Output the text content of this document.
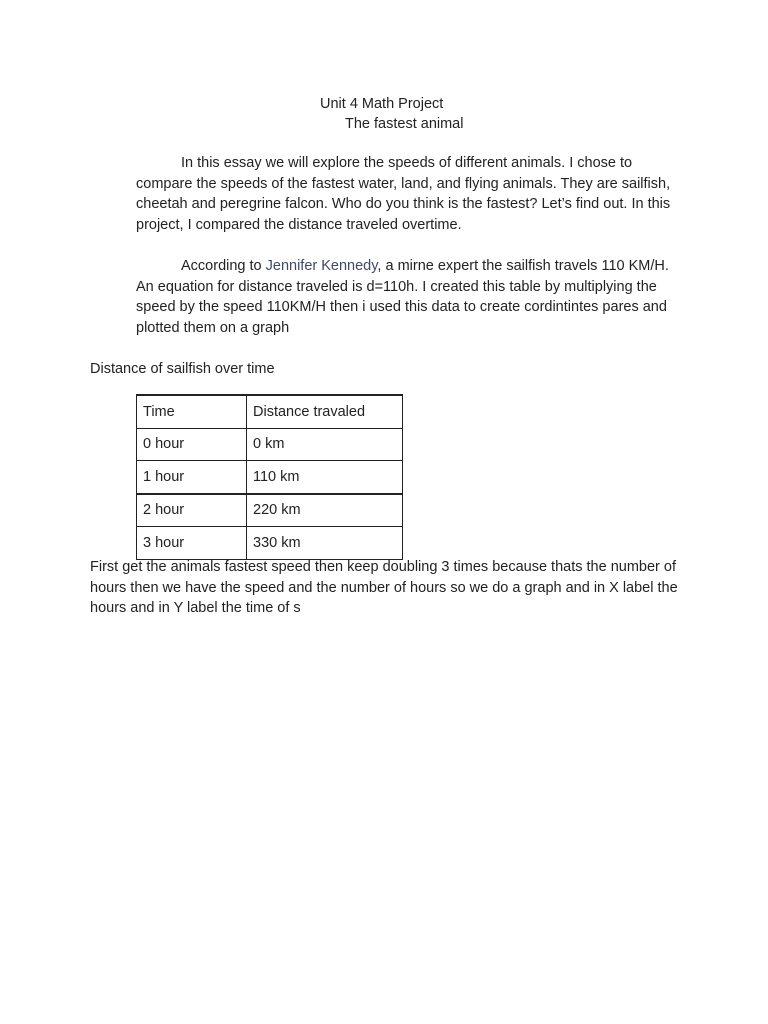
Unit 4 Math Project
The fastest animal

In this essay we will explore the speeds of different animals. I chose to compare the speeds of the fastest water, land, and flying animals. They are sailfish, cheetah and peregrine falcon. Who do you think is the fastest? Let’s find out. In this project, I compared the distance traveled overtime.

According to Jennifer Kennedy, a mirne expert the sailfish travels 110 KM/H. An equation for distance traveled is d=110h. I created this table by multiplying the speed by the speed 110KM/H then i used this data to create cordintintes pares and plotted them on a graph

Distance of sailfish over time
Time	Distance travaled
0 hour	0 km
1 hour	110 km
2 hour	220 km
3 hour	330 km

First get the animals fastest speed then keep doubling 3 times because thats the number of hours then we have the speed and the number of hours so we do a graph and in X label the hours and in Y label the time of s
